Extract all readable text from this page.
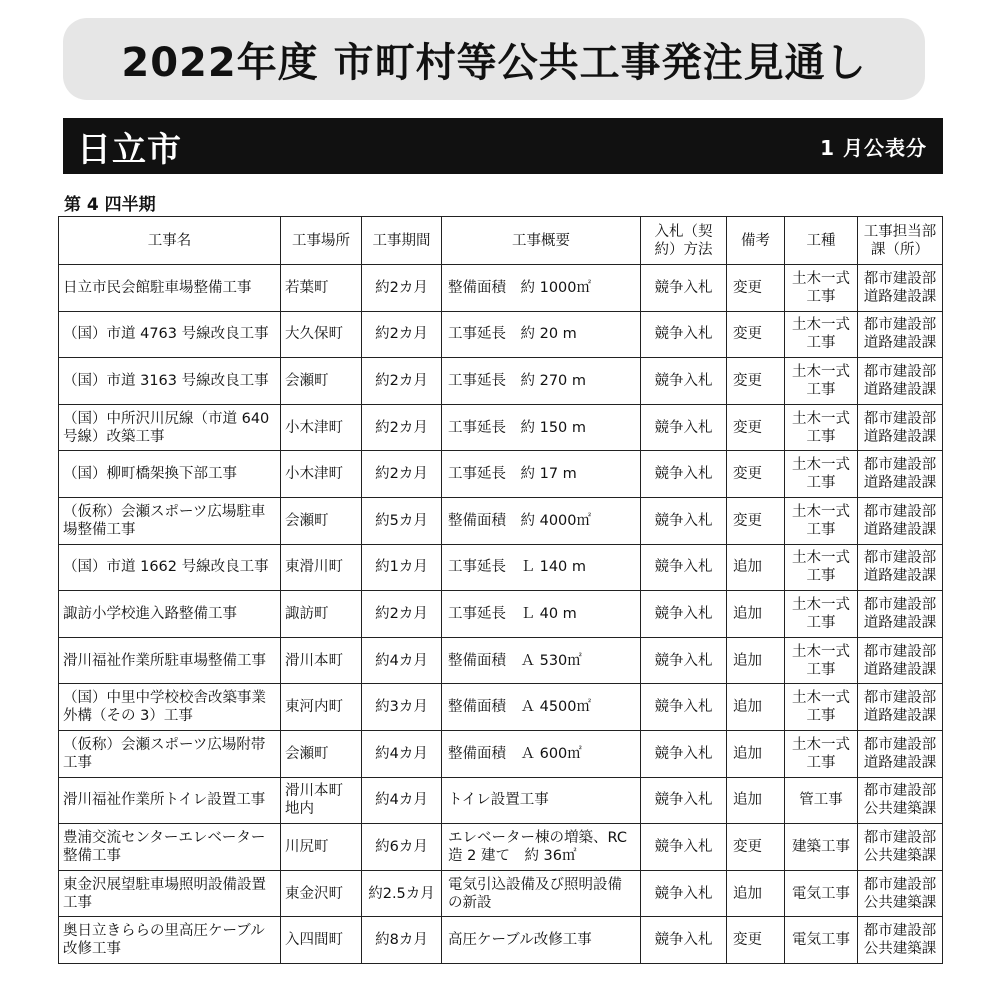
2022年度 市町村等公共工事発注見通し
日立市	1 月公表分
第 4 四半期
工事名	工事場所	工事期間	工事概要	入札（契約）方法	備考	工種	工事担当部課（所）
日立市民会館駐車場整備工事	若葉町	約2カ月	整備面積　約 1000㎡	競争入札	変更	土木一式工事	都市建設部道路建設課
（国）市道 4763 号線改良工事	大久保町	約2カ月	工事延長　約 20 m	競争入札	変更	土木一式工事	都市建設部道路建設課
（国）市道 3163 号線改良工事	会瀬町	約2カ月	工事延長　約 270 m	競争入札	変更	土木一式工事	都市建設部道路建設課
（国）中所沢川尻線（市道 640 号線）改築工事	小木津町	約2カ月	工事延長　約 150 m	競争入札	変更	土木一式工事	都市建設部道路建設課
（国）柳町橋架換下部工事	小木津町	約2カ月	工事延長　約 17 m	競争入札	変更	土木一式工事	都市建設部道路建設課
（仮称）会瀬スポーツ広場駐車場整備工事	会瀬町	約5カ月	整備面積　約 4000㎡	競争入札	変更	土木一式工事	都市建設部道路建設課
（国）市道 1662 号線改良工事	東滑川町	約1カ月	工事延長　Ｌ 140 m	競争入札	追加	土木一式工事	都市建設部道路建設課
諏訪小学校進入路整備工事	諏訪町	約2カ月	工事延長　Ｌ 40 m	競争入札	追加	土木一式工事	都市建設部道路建設課
滑川福祉作業所駐車場整備工事	滑川本町	約4カ月	整備面積　Ａ 530㎡	競争入札	追加	土木一式工事	都市建設部道路建設課
（国）中里中学校校舎改築事業外構（その 3）工事	東河内町	約3カ月	整備面積　Ａ 4500㎡	競争入札	追加	土木一式工事	都市建設部道路建設課
（仮称）会瀬スポーツ広場附帯工事	会瀬町	約4カ月	整備面積　Ａ 600㎡	競争入札	追加	土木一式工事	都市建設部道路建設課
滑川福祉作業所トイレ設置工事	滑川本町地内	約4カ月	トイレ設置工事	競争入札	追加	管工事	都市建設部公共建築課
豊浦交流センターエレベーター整備工事	川尻町	約6カ月	エレベーター棟の増築、RC 造 2 建て　約 36㎡	競争入札	変更	建築工事	都市建設部公共建築課
東金沢展望駐車場照明設備設置工事	東金沢町	約2.5カ月	電気引込設備及び照明設備の新設	競争入札	追加	電気工事	都市建設部公共建築課
奥日立きららの里高圧ケーブル改修工事	入四間町	約8カ月	高圧ケーブル改修工事	競争入札	変更	電気工事	都市建設部公共建築課
